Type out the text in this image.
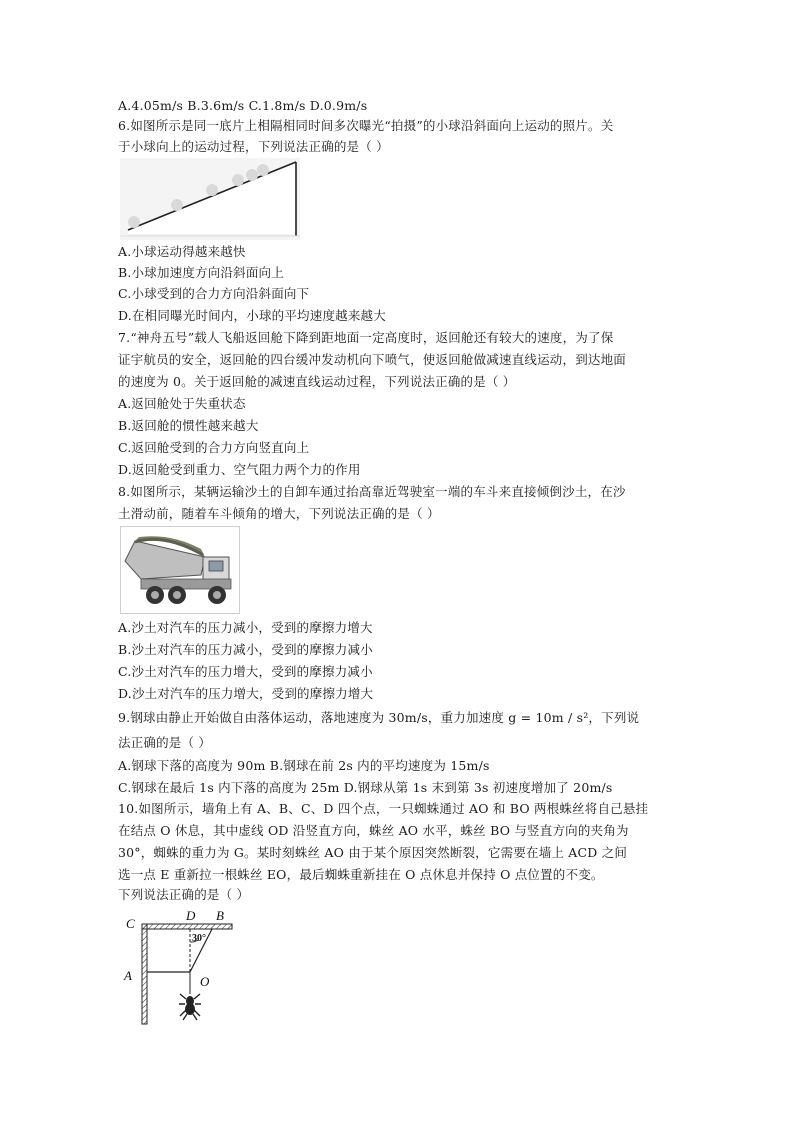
A.4.05m/s B.3.6m/s C.1.8m/s D.0.9m/s
6.如图所示是同一底片上相隔相同时间多次曝光“拍摄”的小球沿斜面向上运动的照片。关
于小球向上的运动过程，下列说法正确的是（ ）
A.小球运动得越来越快
B.小球加速度方向沿斜面向上
C.小球受到的合力方向沿斜面向下
D.在相同曝光时间内，小球的平均速度越来越大
7.“神舟五号”载人飞船返回舱下降到距地面一定高度时，返回舱还有较大的速度，为了保
证宇航员的安全，返回舱的四台缓冲发动机向下喷气，使返回舱做减速直线运动，到达地面
的速度为 0。关于返回舱的减速直线运动过程，下列说法正确的是（ ）
A.返回舱处于失重状态
B.返回舱的惯性越来越大
C.返回舱受到的合力方向竖直向上
D.返回舱受到重力、空气阻力两个力的作用
8.如图所示，某辆运输沙土的自卸车通过抬高靠近驾驶室一端的车斗来直接倾倒沙土，在沙
土滑动前，随着车斗倾角的增大，下列说法正确的是（ ）
A.沙土对汽车的压力减小，受到的摩擦力增大
B.沙土对汽车的压力减小，受到的摩擦力减小
C.沙土对汽车的压力增大，受到的摩擦力减小
D.沙土对汽车的压力增大，受到的摩擦力增大
9.钢球由静止开始做自由落体运动，落地速度为 30m/s，重力加速度 g = 10m / s²，下列说
法正确的是（ ）
A.钢球下落的高度为 90m B.钢球在前 2s 内的平均速度为 15m/s
C.钢球在最后 1s 内下落的高度为 25m D.钢球从第 1s 末到第 3s 初速度增加了 20m/s
10.如图所示，墙角上有 A、B、C、D 四个点，一只蜘蛛通过 AO 和 BO 两根蛛丝将自己悬挂
在结点 O 休息，其中虚线 OD 沿竖直方向，蛛丝 AO 水平，蛛丝 BO 与竖直方向的夹角为
30°，蜘蛛的重力为 G。某时刻蛛丝 AO 由于某个原因突然断裂，它需要在墙上 ACD 之间
选一点 E 重新拉一根蛛丝 EO，最后蜘蛛重新挂在 O 点休息并保持 O 点位置的不变。
下列说法正确的是（ ）
C
D B
A	O
30°
